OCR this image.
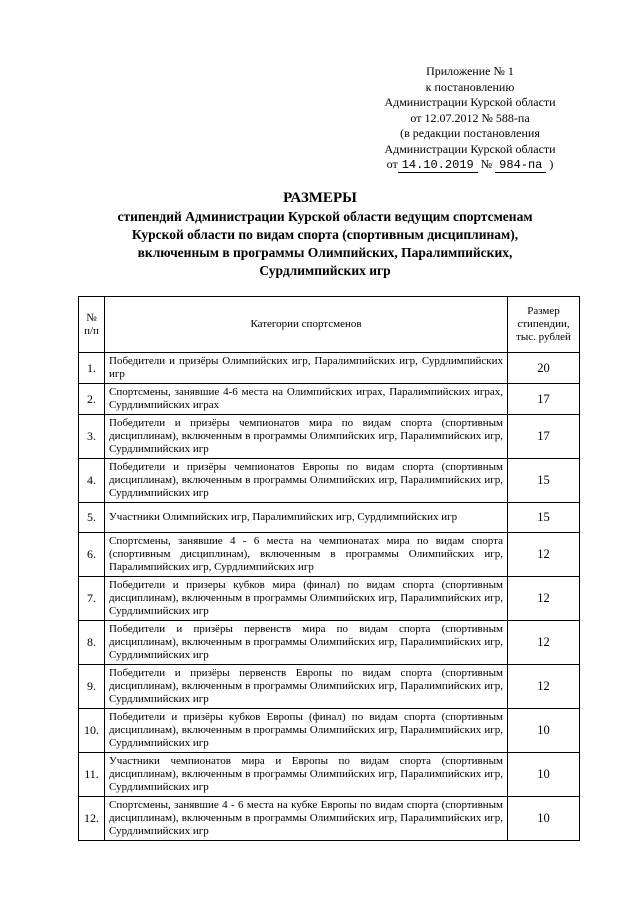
Приложение № 1
к постановлению
Администрации Курской области
от 12.07.2012 № 588-па
(в редакции постановления
Администрации Курской области
от 14.10.2019 № 984-па )
РАЗМЕРЫ
стипендий Администрации Курской области ведущим спортсменам
Курской области по видам спорта (спортивным дисциплинам),
включенным в программы Олимпийских, Паралимпийских,
Сурдлимпийских игр
№ п/п	Категории спортсменов	Размер стипендии, тыс. рублей
1.	Победители и призёры Олимпийских игр, Паралимпийских игр, Сурдлимпийских игр	20
2.	Спортсмены, занявшие 4-6 места на Олимпийских играх, Паралимпийских играх, Сурдлимпийских играх	17
3.	Победители и призёры чемпионатов мира по видам спорта (спортивным дисциплинам), включенным в программы Олимпийских игр, Паралимпийских игр, Сурдлимпийских игр	17
4.	Победители и призёры чемпионатов Европы по видам спорта (спортивным дисциплинам), включенным в программы Олимпийских игр, Паралимпийских игр, Сурдлимпийских игр	15
5.	Участники Олимпийских игр, Паралимпийских игр, Сурдлимпийских игр	15
6.	Спортсмены, занявшие 4 - 6 места на чемпионатах мира по видам спорта (спортивным дисциплинам), включенным в программы Олимпийских игр, Паралимпийских игр, Сурдлимпийских игр	12
7.	Победители и призеры кубков мира (финал) по видам спорта (спортивным дисциплинам), включенным в программы Олимпийских игр, Паралимпийских игр, Сурдлимпийских игр	12
8.	Победители и призёры первенств мира по видам спорта (спортивным дисциплинам), включенным в программы Олимпийских игр, Паралимпийских игр, Сурдлимпийских игр	12
9.	Победители и призёры первенств Европы по видам спорта (спортивным дисциплинам), включенным в программы Олимпийских игр, Паралимпийских игр, Сурдлимпийских игр	12
10.	Победители и призёры кубков Европы (финал) по видам спорта (спортивным дисциплинам), включенным в программы Олимпийских игр, Паралимпийских игр, Сурдлимпийских игр	10
11.	Участники чемпионатов мира и Европы по видам спорта (спортивным дисциплинам), включенным в программы Олимпийских игр, Паралимпийских игр, Сурдлимпийских игр	10
12.	Спортсмены, занявшие 4 - 6 места на кубке Европы по видам спорта (спортивным дисциплинам), включенным в программы Олимпийских игр, Паралимпийских игр, Сурдлимпийских игр	10
